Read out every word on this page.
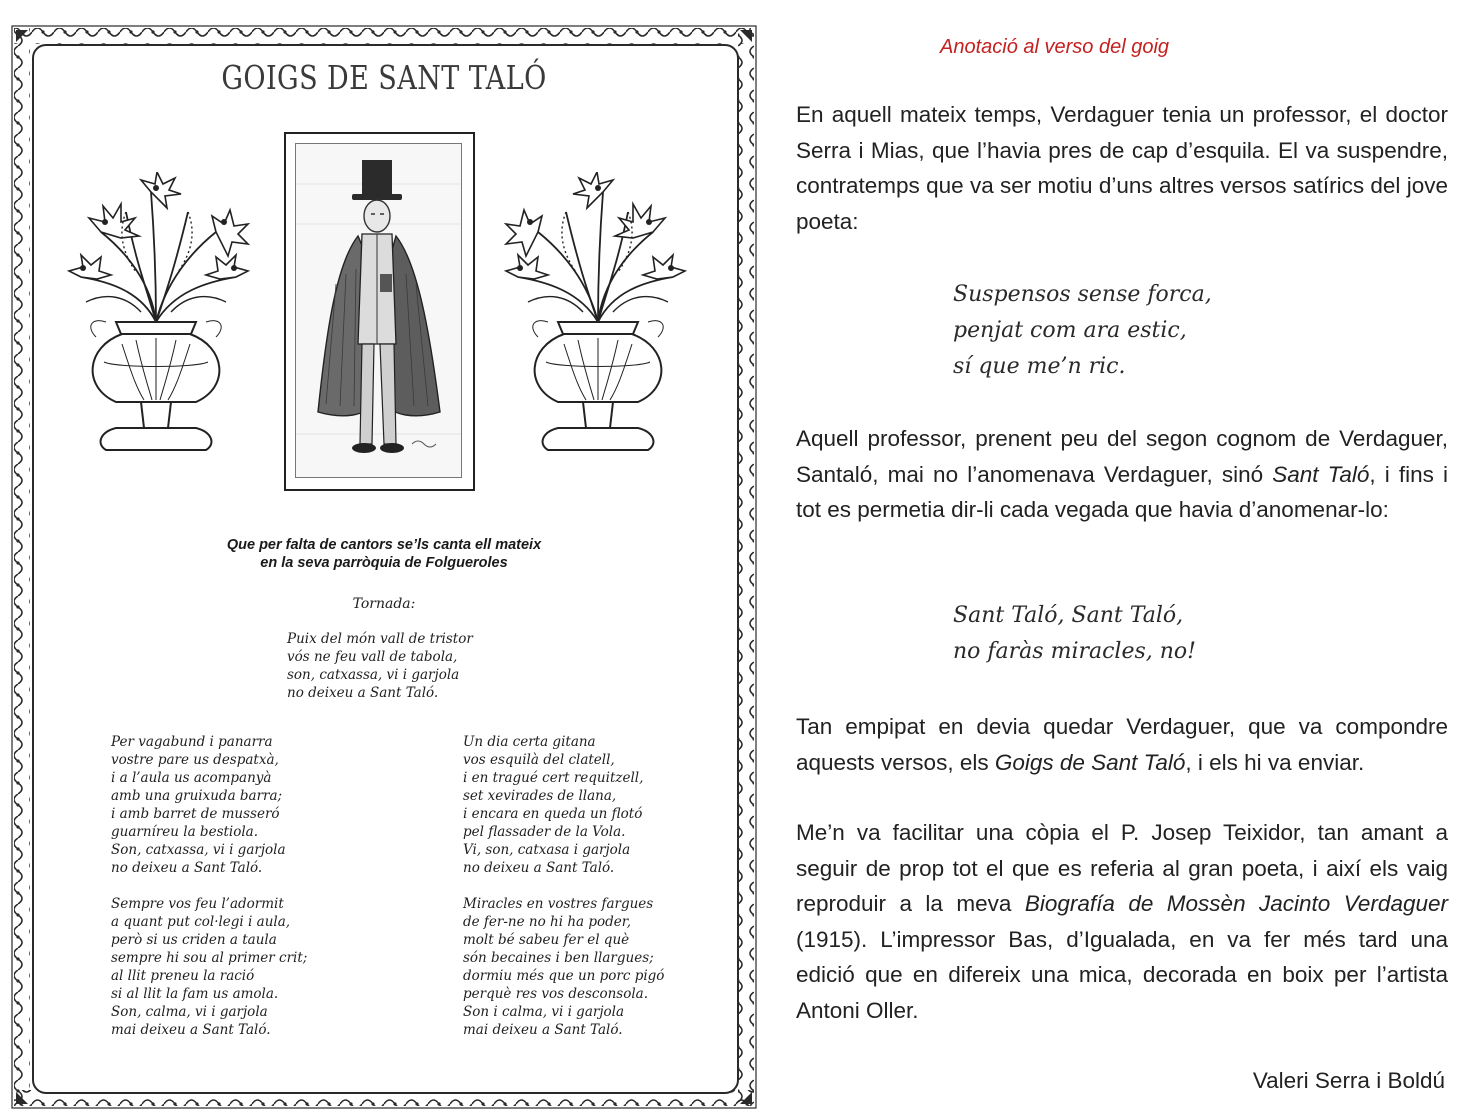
GOIGS DE SANT TALÓ
Que per falta de cantors se’ls canta ell mateix
en la seva parròquia de Folgueroles
Tornada:
Puix del món vall de tristor
vós ne feu vall de tabola,
son, catxassa, vi i garjola
no deixeu a Sant Taló.
Per vagabund i panarra
vostre pare us despatxà,
i a l’aula us acompanyà
amb una gruixuda barra;
i amb barret de musseró
guarníreu la bestiola.
Son, catxassa, vi i garjola
no deixeu a Sant Taló.
Un dia certa gitana
vos esquilà del clatell,
i en tragué cert requitzell,
set xevirades de llana,
i encara en queda un flotó
pel flassader de la Vola.
Vi, son, catxasa i garjola
no deixeu a Sant Taló.
Sempre vos feu l’adormit
a quant put col·legi i aula,
però si us criden a taula
sempre hi sou al primer crit;
al llit preneu la ració
si al llit la fam us amola.
Son, calma, vi i garjola
mai deixeu a Sant Taló.
Miracles en vostres fargues
de fer-ne no hi ha poder,
molt bé sabeu fer el què
són becaines i ben llargues;
dormiu més que un porc pigó
perquè res vos desconsola.
Son i calma, vi i garjola
mai deixeu a Sant Taló.
Anotació al verso del goig
En aquell mateix temps, Verdaguer tenia un professor, el doctor Serra i Mias, que l’havia pres de cap d’esquila. El va suspendre, contratemps que va ser motiu d’uns altres versos satírics del jove poeta:
Suspensos sense forca,
penjat com ara estic,
sí que me’n ric.
Aquell professor, prenent peu del segon cognom de Verdaguer, Santaló, mai no l’anomenava Verdaguer, sinó Sant Taló, i fins i tot es permetia dir-li cada vegada que havia d’anomenar-lo:
Sant Taló, Sant Taló,
no faràs miracles, no!
Tan empipat en devia quedar Verdaguer, que va compondre aquests versos, els Goigs de Sant Taló, i els hi va enviar.
Me’n va facilitar una còpia el P. Josep Teixidor, tan amant a seguir de prop tot el que es referia al gran poeta, i així els vaig reproduir a la meva Biografía de Mossèn Jacinto Verdaguer (1915). L’impressor Bas, d’Igualada, en va fer més tard una edició que en difereix una mica, decorada en boix per l’artista Antoni Oller.
Valeri Serra i Boldú
